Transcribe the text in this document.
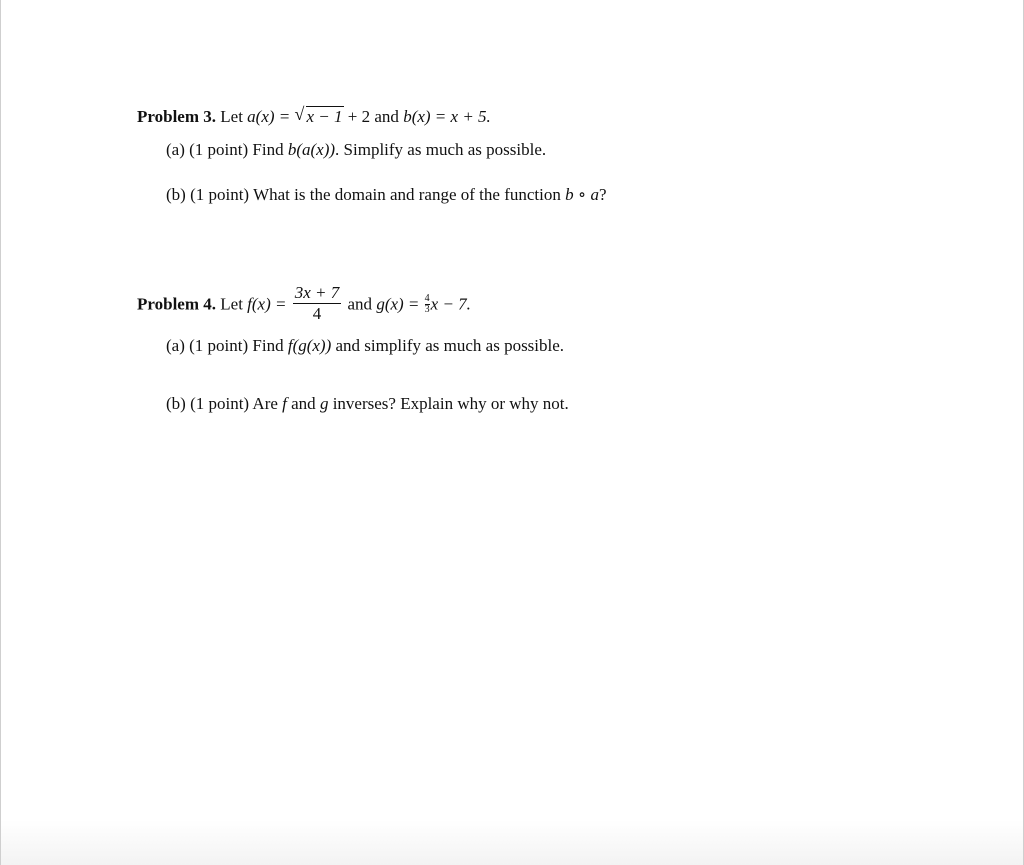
Problem 3. Let a(x) = √ x − 1 + 2 and b(x) = x + 5.
(a) (1 point) Find b(a(x)). Simplify as much as possible.
(b) (1 point) What is the domain and range of the function b ∘ a?
Problem 4. Let $f(x) = \frac{3x + 7}{4}$ and $g(x) = \frac{4}{3}$ x − 7.
(a) (1 point) Find f(g(x)) and simplify as much as possible.
(b) (1 point) Are f and g inverses? Explain why or why not.
